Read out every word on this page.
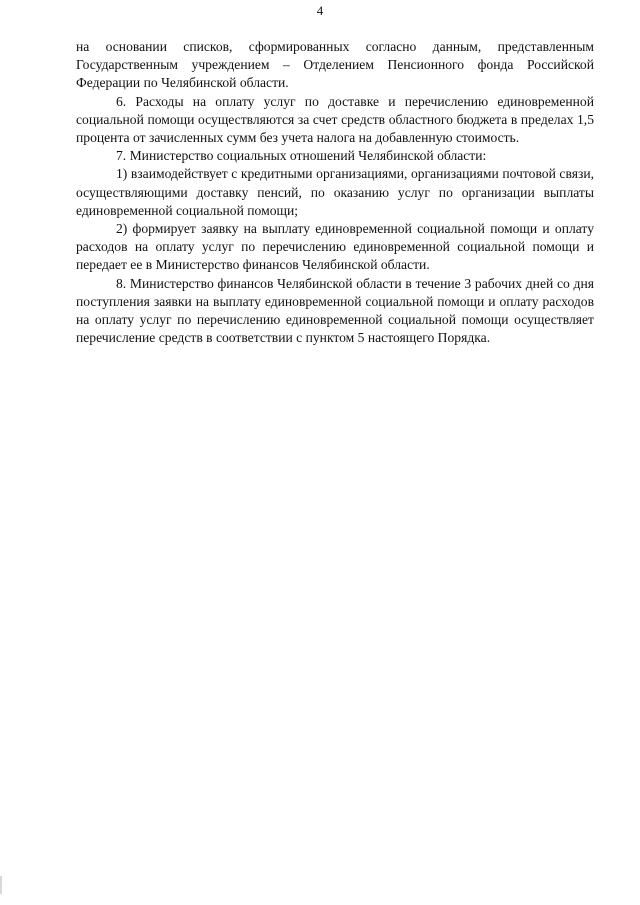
4

на основании списков, сформированных согласно данным, представленным Государственным учреждением – Отделением Пенсионного фонда Российской Федерации по Челябинской области.

6. Расходы на оплату услуг по доставке и перечислению единовременной социальной помощи осуществляются за счет средств областного бюджета в пределах 1,5 процента от зачисленных сумм без учета налога на добавленную стоимость.

7. Министерство социальных отношений Челябинской области:

1) взаимодействует с кредитными организациями, организациями почтовой связи, осуществляющими доставку пенсий, по оказанию услуг по организации выплаты единовременной социальной помощи;

2) формирует заявку на выплату единовременной социальной помощи и оплату расходов на оплату услуг по перечислению единовременной социальной помощи и передает ее в Министерство финансов Челябинской области.

8. Министерство финансов Челябинской области в течение 3 рабочих дней со дня поступления заявки на выплату единовременной социальной помощи и оплату расходов на оплату услуг по перечислению единовременной социальной помощи осуществляет перечисление средств в соответствии с пунктом 5 настоящего Порядка.
